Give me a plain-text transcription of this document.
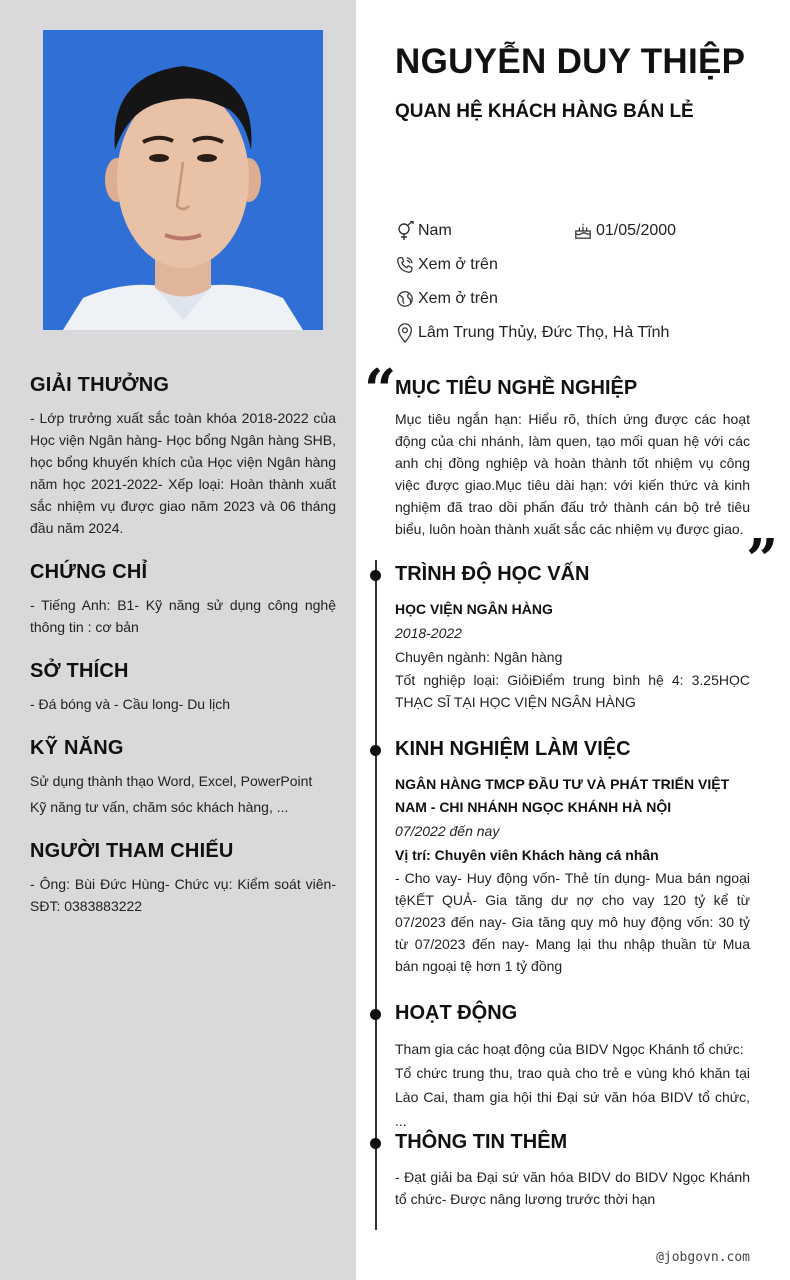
GIẢI THƯỞNG

- Lớp trưởng xuất sắc toàn khóa 2018-2022 của Học viện Ngân hàng- Học bổng Ngân hàng SHB, học bổng khuyến khích của Học viện Ngân hàng năm học 2021-2022- Xếp loại: Hoàn thành xuất sắc nhiệm vụ được giao năm 2023 và 06 tháng đầu năm 2024.

CHỨNG CHỈ

- Tiếng Anh: B1- Kỹ năng sử dụng công nghệ thông tin : cơ bản

SỞ THÍCH

- Đá bóng và - Cầu long- Du lịch

KỸ NĂNG

Sử dụng thành thạo Word, Excel, PowerPoint

Kỹ năng tư vấn, chăm sóc khách hàng, ...

NGƯỜI THAM CHIẾU

- Ông: Bùi Đức Hùng- Chức vụ: Kiểm soát viên- SĐT: 0383883222

NGUYỄN DUY THIỆP
QUAN HỆ KHÁCH HÀNG BÁN LẺ
Nam	01/05/2000
Xem ở trên
Xem ở trên
Lâm Trung Thủy, Đức Thọ, Hà Tĩnh
“
MỤC TIÊU NGHỀ NGHIỆP

Mục tiêu ngắn hạn: Hiểu rõ, thích ứng được các hoạt động của chi nhánh, làm quen, tạo mối quan hệ với các anh chị đồng nghiệp và hoàn thành tốt nhiệm vụ công việc được giao.Mục tiêu dài hạn: với kiến thức và kinh nghiệm đã trao dồi phấn đấu trở thành cán bộ trẻ tiêu biểu, luôn hoàn thành xuất sắc các nhiệm vụ được giao. ”
TRÌNH ĐỘ HỌC VẤN
HỌC VIỆN NGÂN HÀNG
2018-2022
Chuyên ngành: Ngân hàng

Tốt nghiệp loại: GiỏiĐiểm trung bình hệ 4: 3.25HỌC THẠC SĨ TẠI HỌC VIỆN NGÂN HÀNG

KINH NGHIỆM LÀM VIỆC
NGÂN HÀNG TMCP ĐẦU TƯ VÀ PHÁT TRIỂN VIỆT NAM - CHI NHÁNH NGỌC KHÁNH HÀ NỘI
07/2022 đến nay
Vị trí: Chuyên viên Khách hàng cá nhân

- Cho vay- Huy động vốn- Thẻ tín dụng- Mua bán ngoại tệKẾT QUẢ- Gia tăng dư nợ cho vay 120 tỷ kể từ 07/2023 đến nay- Gia tăng quy mô huy động vốn: 30 tỷ từ 07/2023 đến nay- Mang lại thu nhập thuần từ Mua bán ngoại tệ hơn 1 tỷ đồng

HOẠT ĐỘNG

Tham gia các hoạt động của BIDV Ngọc Khánh tổ chức:

Tổ chức trung thu, trao quà cho trẻ e vùng khó khăn tại Lào Cai, tham gia hội thi Đại sứ văn hóa BIDV tổ chức, ...

THÔNG TIN THÊM

- Đạt giải ba Đại sứ văn hóa BIDV do BIDV Ngọc Khánh tổ chức- Được nâng lương trước thời hạn

@jobgovn.com
